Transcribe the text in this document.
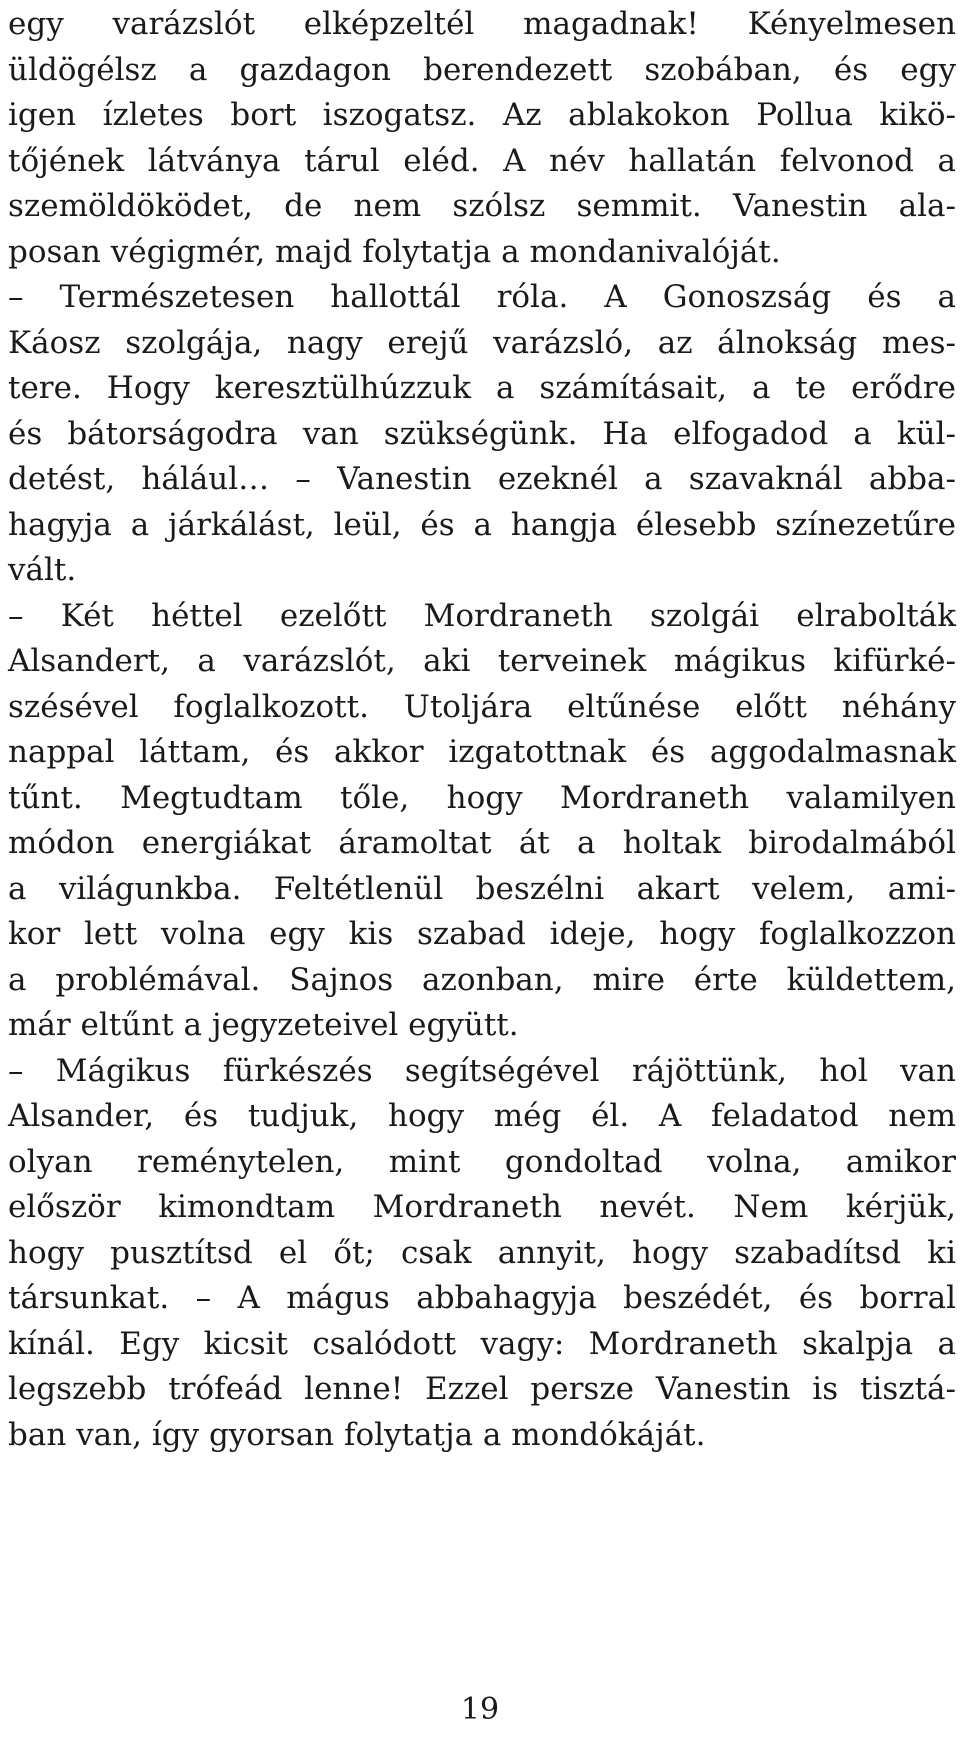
egy varázslót elképzeltél magadnak! Kényelmesen
üldögélsz a gazdagon berendezett szobában, és egy
igen ízletes bort iszogatsz. Az ablakokon Pollua kikö-
tőjének látványa tárul eléd. A név hallatán felvonod a
szemöldöködet, de nem szólsz semmit. Vanestin ala-
posan végigmér, majd folytatja a mondanivalóját.
– Természetesen hallottál róla. A Gonoszság és a
Káosz szolgája, nagy erejű varázsló, az álnokság mes-
tere. Hogy keresztülhúzzuk a számításait, a te erődre
és bátorságodra van szükségünk. Ha elfogadod a kül-
detést, hálául… – Vanestin ezeknél a szavaknál abba-
hagyja a járkálást, leül, és a hangja élesebb színezetűre
vált.
– Két héttel ezelőtt Mordraneth szolgái elrabolták
Alsandert, a varázslót, aki terveinek mágikus kifürké-
szésével foglalkozott. Utoljára eltűnése előtt néhány
nappal láttam, és akkor izgatottnak és aggodalmasnak
tűnt. Megtudtam tőle, hogy Mordraneth valamilyen
módon energiákat áramoltat át a holtak birodalmából
a világunkba. Feltétlenül beszélni akart velem, ami-
kor lett volna egy kis szabad ideje, hogy foglalkozzon
a problémával. Sajnos azonban, mire érte küldettem,
már eltűnt a jegyzeteivel együtt.
– Mágikus fürkészés segítségével rájöttünk, hol van
Alsander, és tudjuk, hogy még él. A feladatod nem
olyan reménytelen, mint gondoltad volna, amikor
először kimondtam Mordraneth nevét. Nem kérjük,
hogy pusztítsd el őt; csak annyit, hogy szabadítsd ki
társunkat. – A mágus abbahagyja beszédét, és borral
kínál. Egy kicsit csalódott vagy: Mordraneth skalpja a
legszebb trófeád lenne! Ezzel persze Vanestin is tisztá-
ban van, így gyorsan folytatja a mondókáját.
19
